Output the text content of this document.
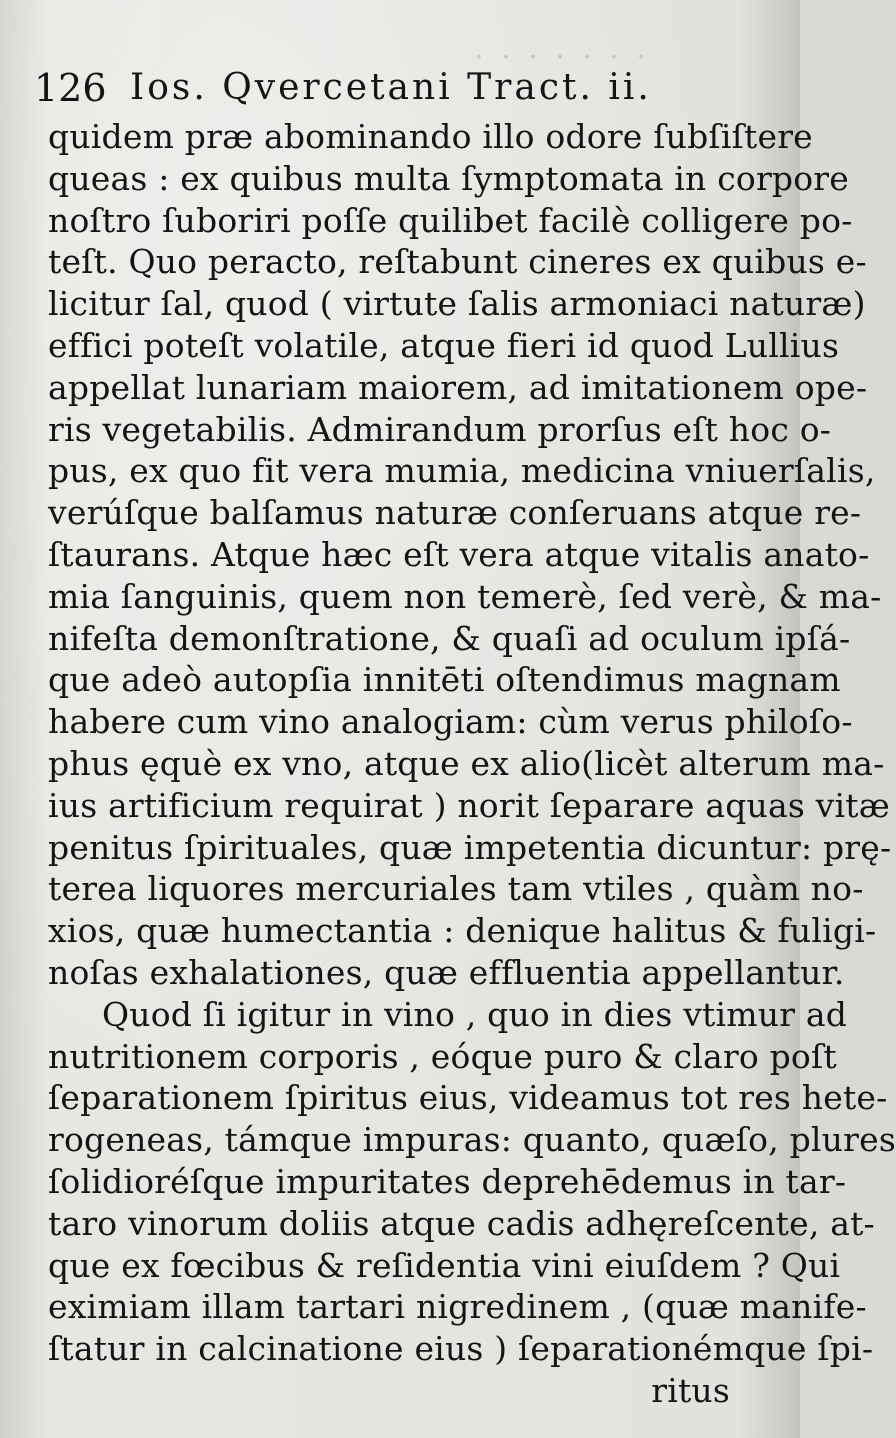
· · · · · · ·
126 Ios. Qvercetani Tract. ii.
quidem præ abominando illo odore ſubſiſtere
queas : ex quibus multa ſymptomata in corpore
noſtro ſuboriri poſſe quilibet facilè colligere po-
teſt. Quo peracto, reſtabunt cineres ex quibus e-
licitur ſal, quod ( virtute ſalis armoniaci naturæ)
effici poteſt volatile, atque fieri id quod Lullius
appellat lunariam maiorem, ad imitationem ope-
ris vegetabilis. Admirandum prorſus eſt hoc o-
pus, ex quo fit vera mumia, medicina vniuerſalis,
verúſque balſamus naturæ conſeruans atque re-
ſtaurans. Atque hæc eſt vera atque vitalis anato-
mia ſanguinis, quem non temerè, ſed verè, & ma-
nifeſta demonſtratione, & quaſi ad oculum ipſá-
que adeò autopſia innitēti oſtendimus magnam
habere cum vino analogiam: cùm verus philoſo-
phus ęquè ex vno, atque ex alio(licèt alterum ma-
ius artificium requirat ) norit ſeparare aquas vitæ
penitus ſpirituales, quæ impetentia dicuntur: prę-
terea liquores mercuriales tam vtiles , quàm no-
xios, quæ humectantia : denique halitus & fuligi-
noſas exhalationes, quæ effluentia appellantur.
Quod ſi igitur in vino , quo in dies vtimur ad
nutritionem corporis , eóque puro & claro poſt
ſeparationem ſpiritus eius, videamus tot res hete-
rogeneas, támque impuras: quanto, quæſo, plures
ſolidioréſque impuritates deprehēdemus in tar-
taro vinorum doliis atque cadis adhęreſcente, at-
que ex fœcibus & reſidentia vini eiuſdem ? Qui
eximiam illam tartari nigredinem , (quæ manife-
ſtatur in calcinatione eius ) ſeparationémque ſpi-
ritus
